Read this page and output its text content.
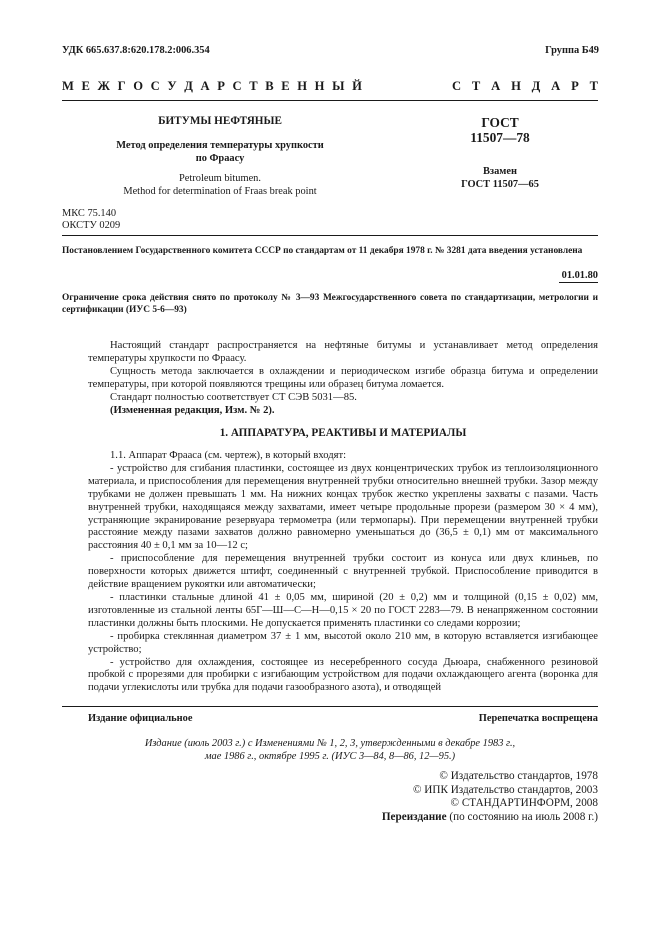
УДК 665.637.8:620.178.2:006.354	Группа Б49
М Е Ж Г О С У Д А Р С Т В Е Н Н Ы Й	С Т А Н Д А Р Т
БИТУМЫ НЕФТЯНЫЕ
Метод определения температуры хрупкости
по Фраасу
Petroleum bitumen.
Method for determination of Fraas break point
ГОСТ
11507—78
Взамен
ГОСТ 11507—65
МКС 75.140
ОКСТУ 0209
Постановлением Государственного комитета СССР по стандартам от 11 декабря 1978 г. № 3281 дата введения установлена
01.01.80
Ограничение срока действия снято по протоколу № 3—93 Межгосударственного совета по стандартизации, метрологии и сертификации (ИУС 5-6—93)

Настоящий стандарт распространяется на нефтяные битумы и устанавливает метод определения температуры хрупкости по Фраасу.

Сущность метода заключается в охлаждении и периодическом изгибе образца битума и определении температуры, при которой появляются трещины или образец битума ломается.

Стандарт полностью соответствует СТ СЭВ 5031—85.

(Измененная редакция, Изм. № 2).

1. АППАРАТУРА, РЕАКТИВЫ И МАТЕРИАЛЫ

1.1. Аппарат Фрааса (см. чертеж), в который входят:

- устройство для сгибания пластинки, состоящее из двух концентрических трубок из теплоизоляционного материала, и приспособления для перемещения внутренней трубки относительно внешней трубки. Зазор между трубками не должен превышать 1 мм. На нижних концах трубок жестко укреплены захваты с пазами. Часть внутренней трубки, находящаяся между захватами, имеет четыре продольные прорези (размером 30 × 4 мм), устраняющие экранирование резервуара термометра (или термопары). При перемещении внутренней трубки расстояние между пазами захватов должно равномерно уменьшаться до (36,5 ± 0,1) мм от максимального расстояния 40 ± 0,1 мм за 10—12 с;

- приспособление для перемещения внутренней трубки состоит из конуса или двух клиньев, по поверхности которых движется штифт, соединенный с внутренней трубкой. Приспособление приводится в действие вращением рукоятки или автоматически;

- пластинки стальные длиной 41 ± 0,05 мм, шириной (20 ± 0,2) мм и толщиной (0,15 ± 0,02) мм, изготовленные из стальной ленты 65Г—Ш—С—Н—0,15 × 20 по ГОСТ 2283—79. В ненапряженном состоянии пластинки должны быть плоскими. Не допускается применять пластинки со следами коррозии;

- пробирка стеклянная диаметром 37 ± 1 мм, высотой около 210 мм, в которую вставляется изгибающее устройство;

- устройство для охлаждения, состоящее из несеребренного сосуда Дьюара, снабженного резиновой пробкой с прорезями для пробирки с изгибающим устройством для подачи охлаждающего агента (воронка для подачи углекислоты или трубка для подачи газообразного азота), и отводящей

Издание официальное	Перепечатка воспрещена
Издание (июль 2003 г.) с Изменениями № 1, 2, 3, утвержденными в декабре 1983 г.,
мае 1986 г., октябре 1995 г. (ИУС 3—84, 8—86, 12—95.)
© Издательство стандартов, 1978
© ИПК Издательство стандартов, 2003
© СТАНДАРТИНФОРМ, 2008
Переиздание (по состоянию на июль 2008 г.)
